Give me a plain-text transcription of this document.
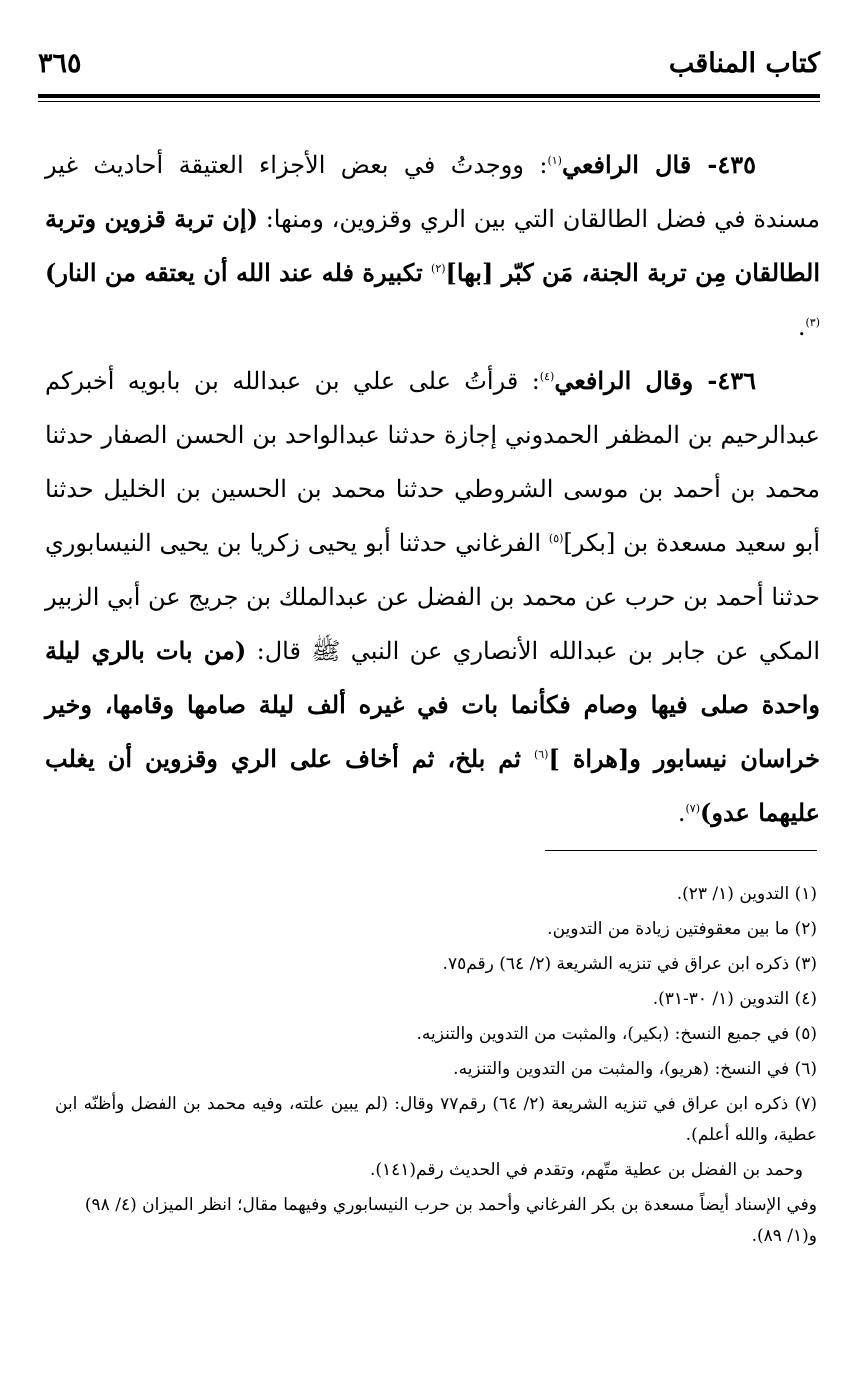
كتاب المناقب
٣٦٥

٤٣٥- قال الرافعي$^{(١)}$: ووجدتُ في بعض الأجزاء العتيقة أحاديث غير مسندة في فضل الطالقان التي بين الري وقزوين، ومنها: (إن تربة قزوين وتربة الطالقان مِن تربة الجنة، مَن كبّر [بها]$^{(٢)}$ تكبيرة فله عند الله أن يعتقه من النار)$^{(٣)}$.

٤٣٦- وقال الرافعي$^{(٤)}$: قرأتُ على علي بن عبدالله بن بابويه أخبركم عبدالرحيم بن المظفر الحمدوني إجازة حدثنا عبدالواحد بن الحسن الصفار حدثنا محمد بن أحمد بن موسى الشروطي حدثنا محمد بن الحسين بن الخليل حدثنا أبو سعيد مسعدة بن [بكر]$^{(٥)}$ الفرغاني حدثنا أبو يحيى زكريا بن يحيى النيسابوري حدثنا أحمد بن حرب عن محمد بن الفضل عن عبدالملك بن جريج عن أبي الزبير المكي عن جابر بن عبدالله الأنصاري عن النبي ﷺ قال: (من بات بالري ليلة واحدة صلى فيها وصام فكأنما بات في غيره ألف ليلة صامها وقامها، وخير خراسان نيسابور و[هراة ]$^{(٦)}$ ثم بلخ، ثم أخاف على الري وقزوين أن يغلب عليهما عدو)$^{(٧)}$.

(١) التدوين (١/ ٢٣).
(٢) ما بين معقوفتين زيادة من التدوين.
(٣) ذكره ابن عراق في تنزيه الشريعة (٢/ ٦٤) رقم٧٥.
(٤) التدوين (١/ ٣٠-٣١).
(٥) في جميع النسخ: (بكير)، والمثبت من التدوين والتنزيه.
(٦) في النسخ: (هريو)، والمثبت من التدوين والتنزيه.
(٧) ذكره ابن عراق في تنزيه الشريعة (٢/ ٦٤) رقم٧٧ وقال: (لم يبين علته، وفيه محمد بن الفضل وأظنّه ابن عطية، والله أعلم).
وحمد بن الفضل بن عطية متّهم، وتقدم في الحديث رقم(١٤١).
وفي الإسناد أيضاً مسعدة بن بكر الفرغاني وأحمد بن حرب النيسابوري وفيهما مقال؛ انظر الميزان (٤/ ٩٨) و(١/ ٨٩).
